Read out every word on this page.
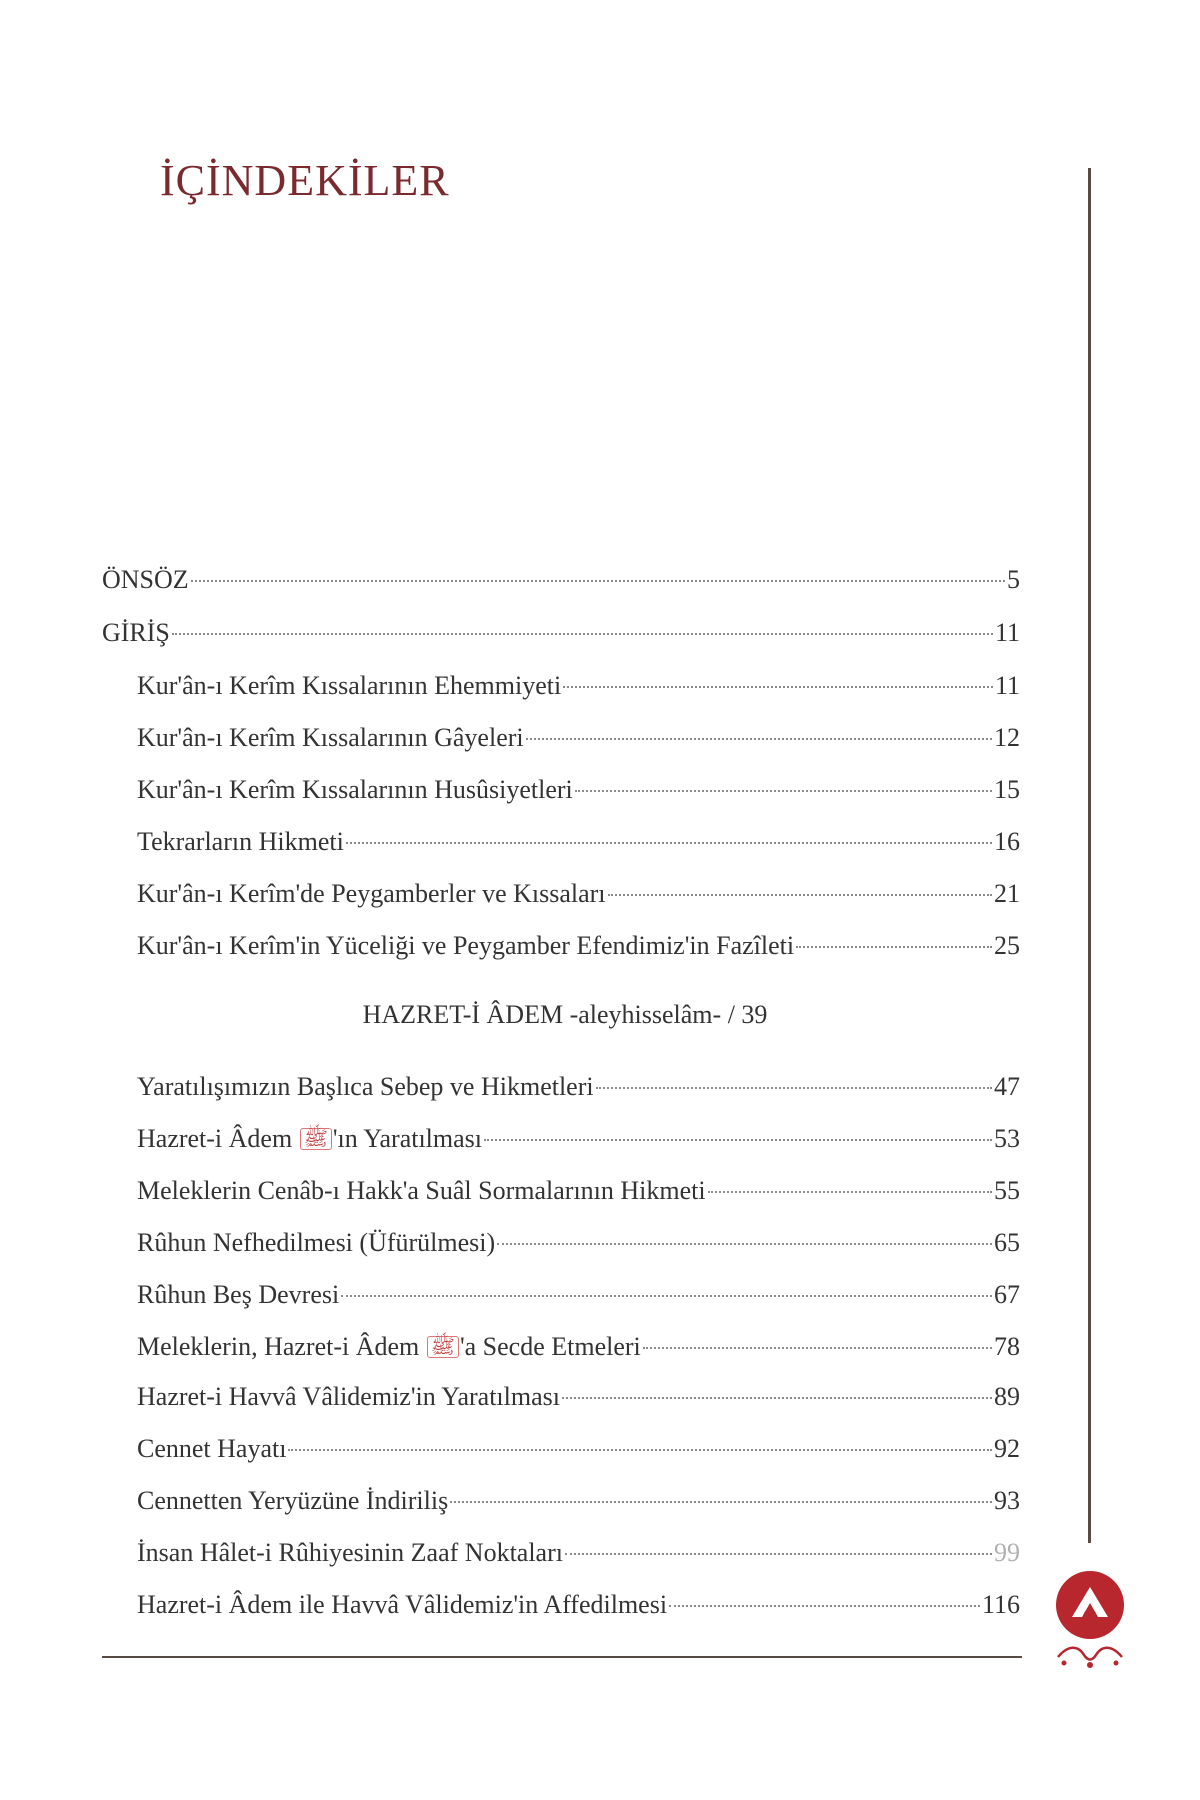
İÇİNDEKİLER
ÖNSÖZ	5
GİRİŞ	11
Kur'ân-ı Kerîm Kıssalarının Ehemmiyeti	11
Kur'ân-ı Kerîm Kıssalarının Gâyeleri	12
Kur'ân-ı Kerîm Kıssalarının Husûsiyetleri	15
Tekrarların Hikmeti	16
Kur'ân-ı Kerîm'de Peygamberler ve Kıssaları	21
Kur'ân-ı Kerîm'in Yüceliği ve Peygamber Efendimiz'in Fazîleti	25
HAZRET-İ ÂDEM -aleyhisselâm- / 39
Yaratılışımızın Başlıca Sebep ve Hikmetleri	47
Hazret-i Âdem ﷺ 'ın Yaratılması	53
Meleklerin Cenâb-ı Hakk'a Suâl Sormalarının Hikmeti	55
Rûhun Nefhedilmesi (Üfürülmesi)	65
Rûhun Beş Devresi	67
Meleklerin, Hazret-i Âdem ﷺ 'a Secde Etmeleri	78
Hazret-i Havvâ Vâlidemiz'in Yaratılması	89
Cennet Hayatı	92
Cennetten Yeryüzüne İndiriliş	93
İnsan Hâlet-i Rûhiyesinin Zaaf Noktaları	99
Hazret-i Âdem ile Havvâ Vâlidemiz'in Affedilmesi	116
